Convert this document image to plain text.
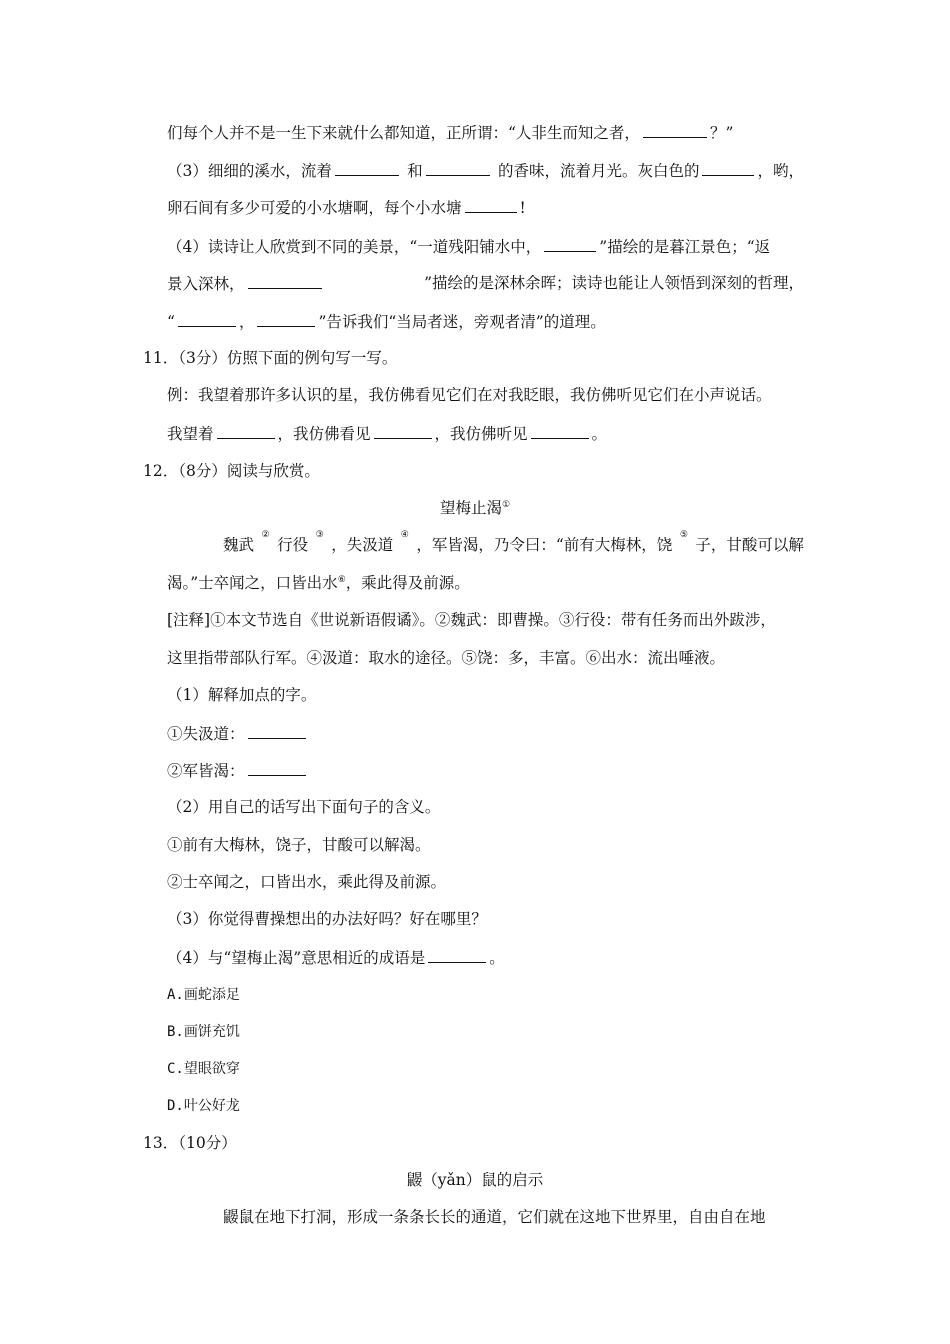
们每个人并不是一生下来就什么都知道，正所谓：“人非生而知之者，	？”
（3）细细的溪水，流着	和	的香味，流着月光。灰白色的	，哟，
卵石间有多少可爱的小水塘啊，每个小水塘	!
（4）读诗让人欣赏到不同的美景，“一道残阳铺水中，	”描绘的是暮江景色；“返
景入深林，	”描绘的是深林余晖；读诗也能让人领悟到深刻的哲理，
“	，	”告诉我们“当局者迷，旁观者清”的道理。
11．（3分）仿照下面的例句写一写。
例：我望着那许多认识的星，我仿佛看见它们在对我眨眼，我仿佛听见它们在小声说话。
我望着	，我仿佛看见	，我仿佛听见	。
12．（8分）阅读与欣赏。
望梅止渴①
魏武
②
行役
③
，失汲道
④
，军皆渴，乃令曰：“前有大梅林，饶
⑤
子，甘酸可以解
渴。”士卒闻之，口皆出水⑥，乘此得及前源。
[注释]①本文节选自《世说新语假谲》。②魏武：即曹操。③行役：带有任务而出外跋涉，
这里指带部队行军。④汲道：取水的途径。⑤饶：多，丰富。⑥出水：流出唾液。
（1）解释加点的字。
①失汲道：
②军皆渴：
（2）用自己的话写出下面句子的含义。
①前有大梅林，饶子，甘酸可以解渴。
②士卒闻之，口皆出水，乘此得及前源。
（3）你觉得曹操想出的办法好吗？好在哪里？
（4）与“望梅止渴”意思相近的成语是	。
A.画蛇添足
B.画饼充饥
C.望眼欲穿
D.叶公好龙
13．（10分）
鼹（yǎn）鼠的启示
鼹鼠在地下打洞，形成一条条长长的通道，它们就在这地下世界里，自由自在地
